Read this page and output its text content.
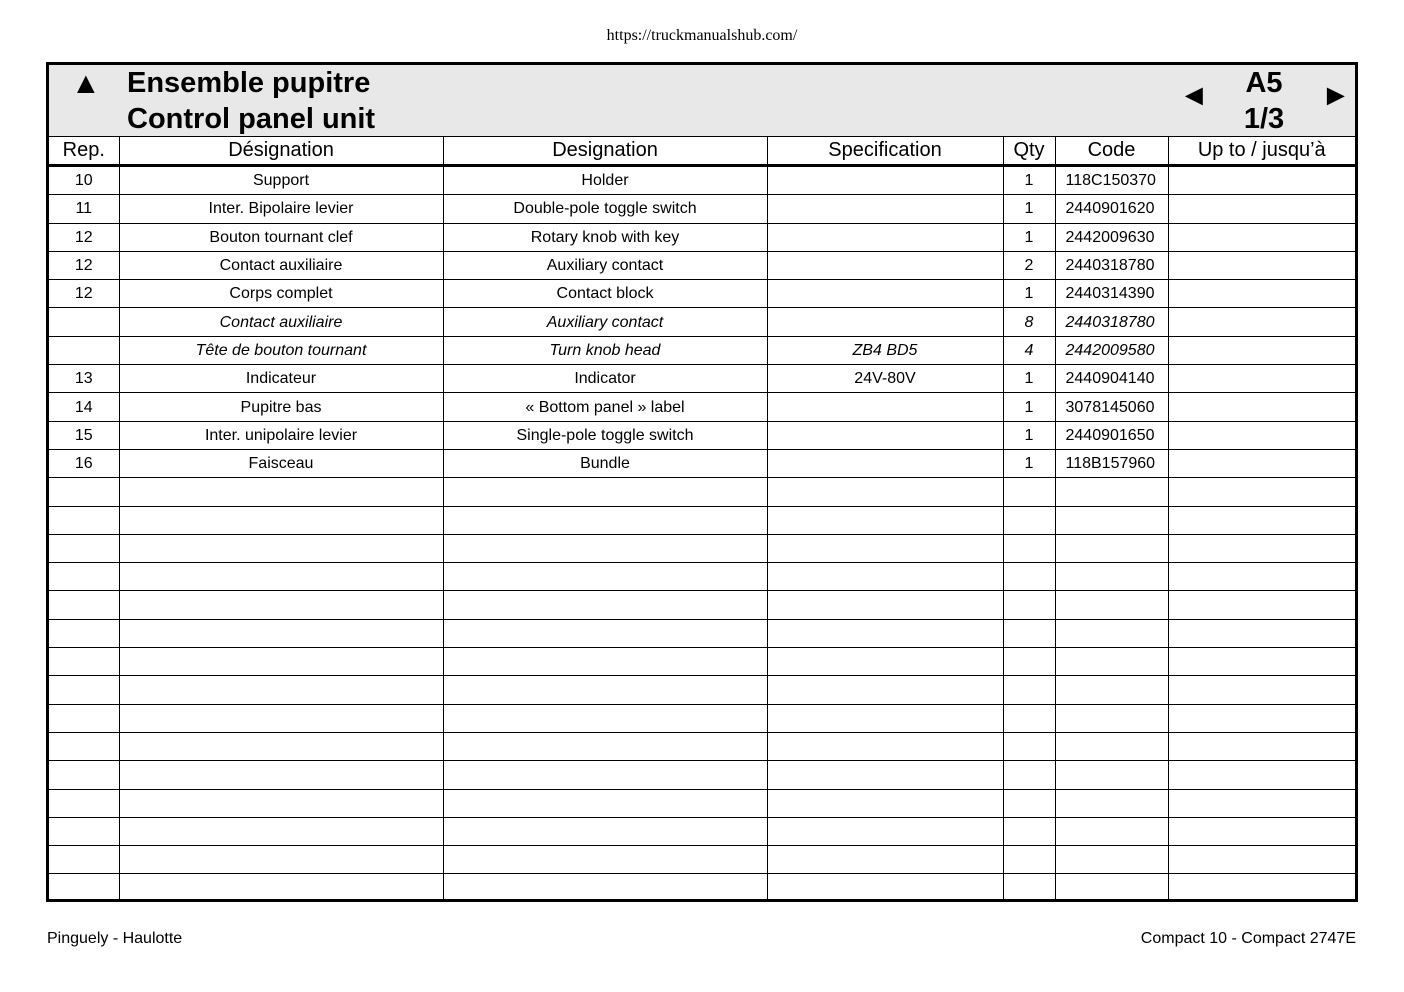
https://truckmanualshub.com/
▲ Ensemble pupitre
Control panel unit
◄	A5
1/3
►
Rep.	Désignation	Designation	Specification	Qty	Code	Up to / jusqu’à
10	Support	Holder		1	118C150370	
11	Inter. Bipolaire levier	Double-pole toggle switch		1	2440901620	
12	Bouton tournant clef	Rotary knob with key		1	2442009630	
12	Contact auxiliaire	Auxiliary contact		2	2440318780	
12	Corps complet	Contact block		1	2440314390	
	Contact auxiliaire	Auxiliary contact		8	2440318780	
	Tête de bouton tournant	Turn knob head	ZB4 BD5	4	2442009580	
13	Indicateur	Indicator	24V-80V	1	2440904140	
14	Pupitre bas	« Bottom panel » label		1	3078145060	
15	Inter. unipolaire levier	Single-pole toggle switch		1	2440901650	
16	Faisceau	Bundle		1	118B157960	

Pinguely - Haulotte	Compact 10 - Compact 2747E
